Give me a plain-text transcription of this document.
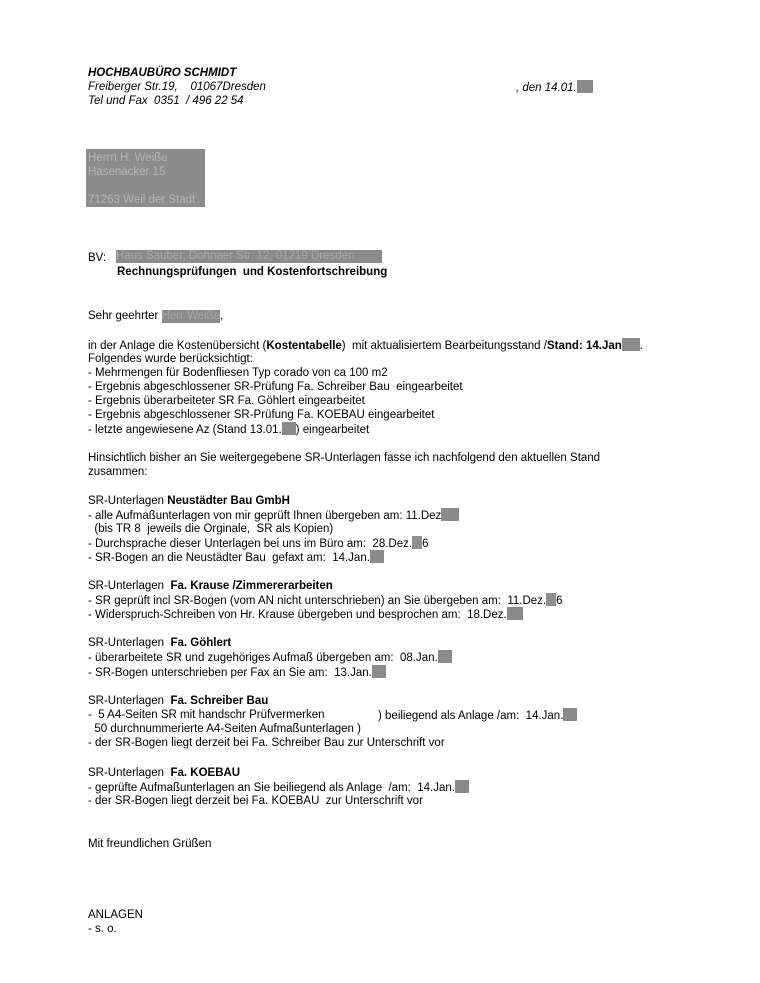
HOCHBAUBÜRO SCHMIDT
Freiberger Str.19,    01067Dresden
Tel und Fax  0351  / 496 22 54
, den 14.01.
Herrn H. Weiße
Hasenäcker 15
71263 Weil der Stadt
BV: Haus Sauber, Dohnaer Str. 12, 01219 Dresden
Rechnungsprüfungen  und Kostenfortschreibung
Sehr geehrter Herr Weiße,
in der Anlage die Kostenübersicht (Kostentabelle)  mit aktualisiertem Bearbeitungsstand /Stand: 14.Jan .
Folgendes wurde berücksichtigt:
- Mehrmengen für Bodenfliesen Typ corado von ca 100 m2
- Ergebnis abgeschlossener SR-Prüfung Fa. Schreiber Bau  eingearbeitet
- Ergebnis überarbeiteter SR Fa. Göhlert eingearbeitet
- Ergebnis abgeschlossener SR-Prüfung Fa. KOEBAU eingearbeitet
- letzte angewiesene Az (Stand 13.01. ) eingearbeitet
Hinsichtlich bisher an Sie weitergegebene SR-Unterlagen fasse ich nachfolgend den aktuellen Stand
zusammen:
SR-Unterlagen Neustädter Bau GmbH
- alle Aufmaßunterlagen von mir geprüft Ihnen übergeben am: 11.Dez
(bis TR 8  jeweils die Orginale,  SR als Kopien)
- Durchsprache dieser Unterlagen bei uns im Büro am:  28.Dez. 6
- SR-Bogen an die Neustädter Bau  gefaxt am:  14.Jan.
SR-Unterlagen  Fa. Krause /Zimmererarbeiten
- SR geprüft incl SR-Bogen (vom AN nicht unterschrieben) an Sie übergeben am:  11.Dez. 6
- Widerspruch-Schreiben von Hr. Krause übergeben und besprochen am:  18.Dez.
SR-Unterlagen  Fa. Göhlert
- überarbeitete SR und zugehöriges Aufmaß übergeben am:  08.Jan.
- SR-Bogen unterschrieben per Fax an Sie am:  13.Jan.
SR-Unterlagen  Fa. Schreiber Bau
-  5 A4-Seiten SR mit handschr Prüfvermerken	) beiliegend als Anlage /am:  14.Jan.
50 durchnummerierte A4-Seiten Aufmaßunterlagen )
- der SR-Bogen liegt derzeit bei Fa. Schreiber Bau zur Unterschrift vor
SR-Unterlagen  Fa. KOEBAU
- geprüfte Aufmaßunterlagen an Sie beiliegend als Anlage  /am:  14.Jan.
- der SR-Bogen liegt derzeit bei Fa. KOEBAU  zur Unterschrift vor
Mit freundlichen Grüßen
ANLAGEN
- s. o.
